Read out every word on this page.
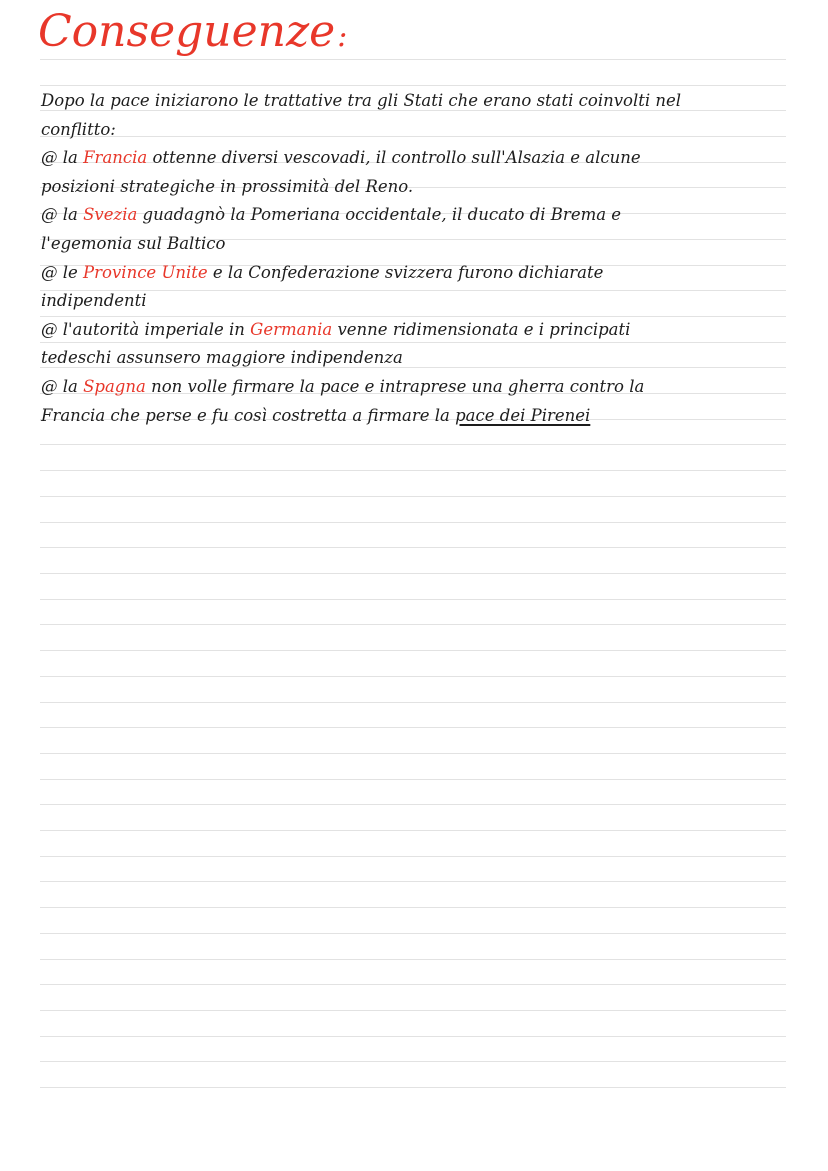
Conseguenze:
Dopo la pace iniziarono le trattative tra gli Stati che erano stati coinvolti nel
conflitto:
@ la Francia ottenne diversi vescovadi, il controllo sull'Alsazia e alcune
posizioni strategiche in prossimità del Reno.
@ la Svezia guadagnò la Pomeriana occidentale, il ducato di Brema e
l'egemonia sul Baltico
@ le Province Unite e la Confederazione svizzera furono dichiarate
indipendenti
@ l'autorità imperiale in Germania venne ridimensionata e i principati
tedeschi assunsero maggiore indipendenza
@ la Spagna non volle firmare la pace e intraprese una gherra contro la
Francia che perse e fu così costretta a firmare la pace dei Pirenei
